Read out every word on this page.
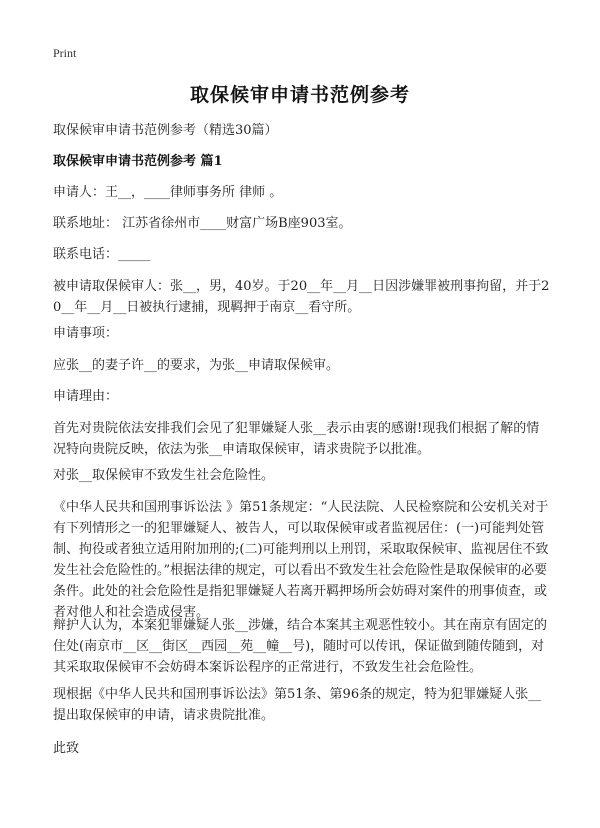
Print
取保候审申请书范例参考
取保候审申请书范例参考（精选30篇）
取保候审申请书范例参考 篇1
申请人：王__，____律师事务所 律师 。
联系地址： 江苏省徐州市____财富广场B座903室。
联系电话：_____
被申请取保候审人：张__，男，40岁。于20__年__月__日因涉嫌罪被刑事拘留，并于20__年__月__日被执行逮捕，现羁押于南京__看守所。
申请事项：
应张__的妻子许__的要求，为张__申请取保候审。
申请理由：
首先对贵院依法安排我们会见了犯罪嫌疑人张__表示由衷的感谢!现我们根据了解的情况特向贵院反映，依法为张__申请取保候审，请求贵院予以批准。
对张__取保候审不致发生社会危险性。
《中华人民共和国刑事诉讼法 》第51条规定：“人民法院、人民检察院和公安机关对于有下列情形之一的犯罪嫌疑人、被告人，可以取保候审或者监视居住：(一)可能判处管制、拘役或者独立适用附加刑的;(二)可能判刑以上刑罚，采取取保候审、监视居住不致发生社会危险性的。”根据法律的规定，可以看出不致发生社会危险性是取保候审的必要条件。此处的社会危险性是指犯罪嫌疑人若离开羁押场所会妨碍对案件的刑事侦查，或者对他人和社会造成侵害。
辩护人认为，本案犯罪嫌疑人张__涉嫌，结合本案其主观恶性较小。其在南京有固定的住处(南京市__区__街区__西园__苑__幢__号)，随时可以传讯，保证做到随传随到，对其采取取保候审不会妨碍本案诉讼程序的正常进行，不致发生社会危险性。
现根据《中华人民共和国刑事诉讼法》第51条、第96条的规定，特为犯罪嫌疑人张__提出取保候审的申请，请求贵院批准。
此致
